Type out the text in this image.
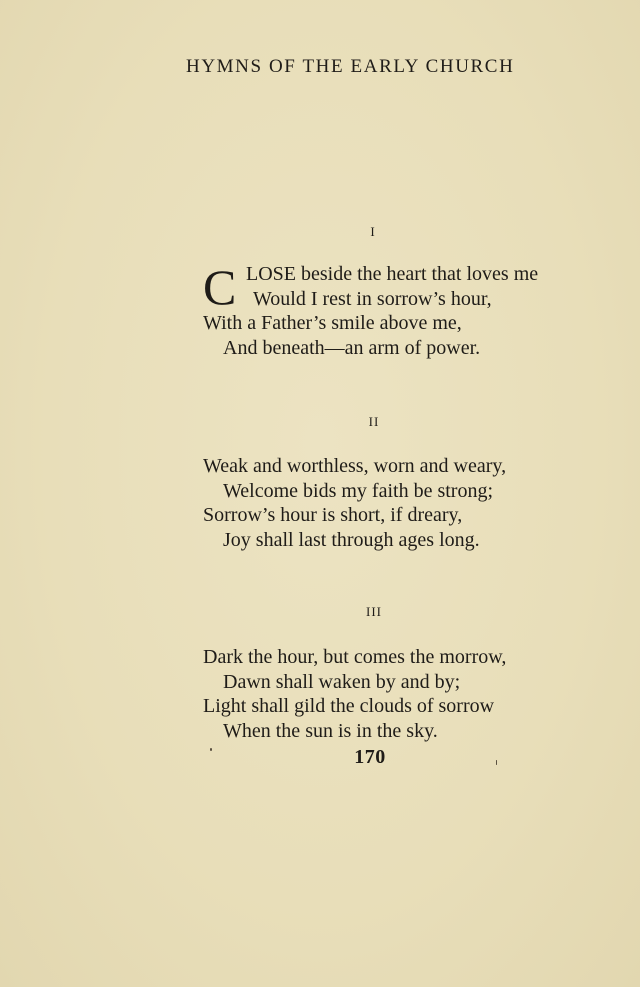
HYMNS OF THE EARLY CHURCH
I
C LOSE beside the heart that loves me
Would I rest in sorrow’s hour,
With a Father’s smile above me,
And beneath—an arm of power.
II
Weak and worthless, worn and weary,
Welcome bids my faith be strong;
Sorrow’s hour is short, if dreary,
Joy shall last through ages long.
III
Dark the hour, but comes the morrow,
Dawn shall waken by and by;
Light shall gild the clouds of sorrow
When the sun is in the sky.
170
